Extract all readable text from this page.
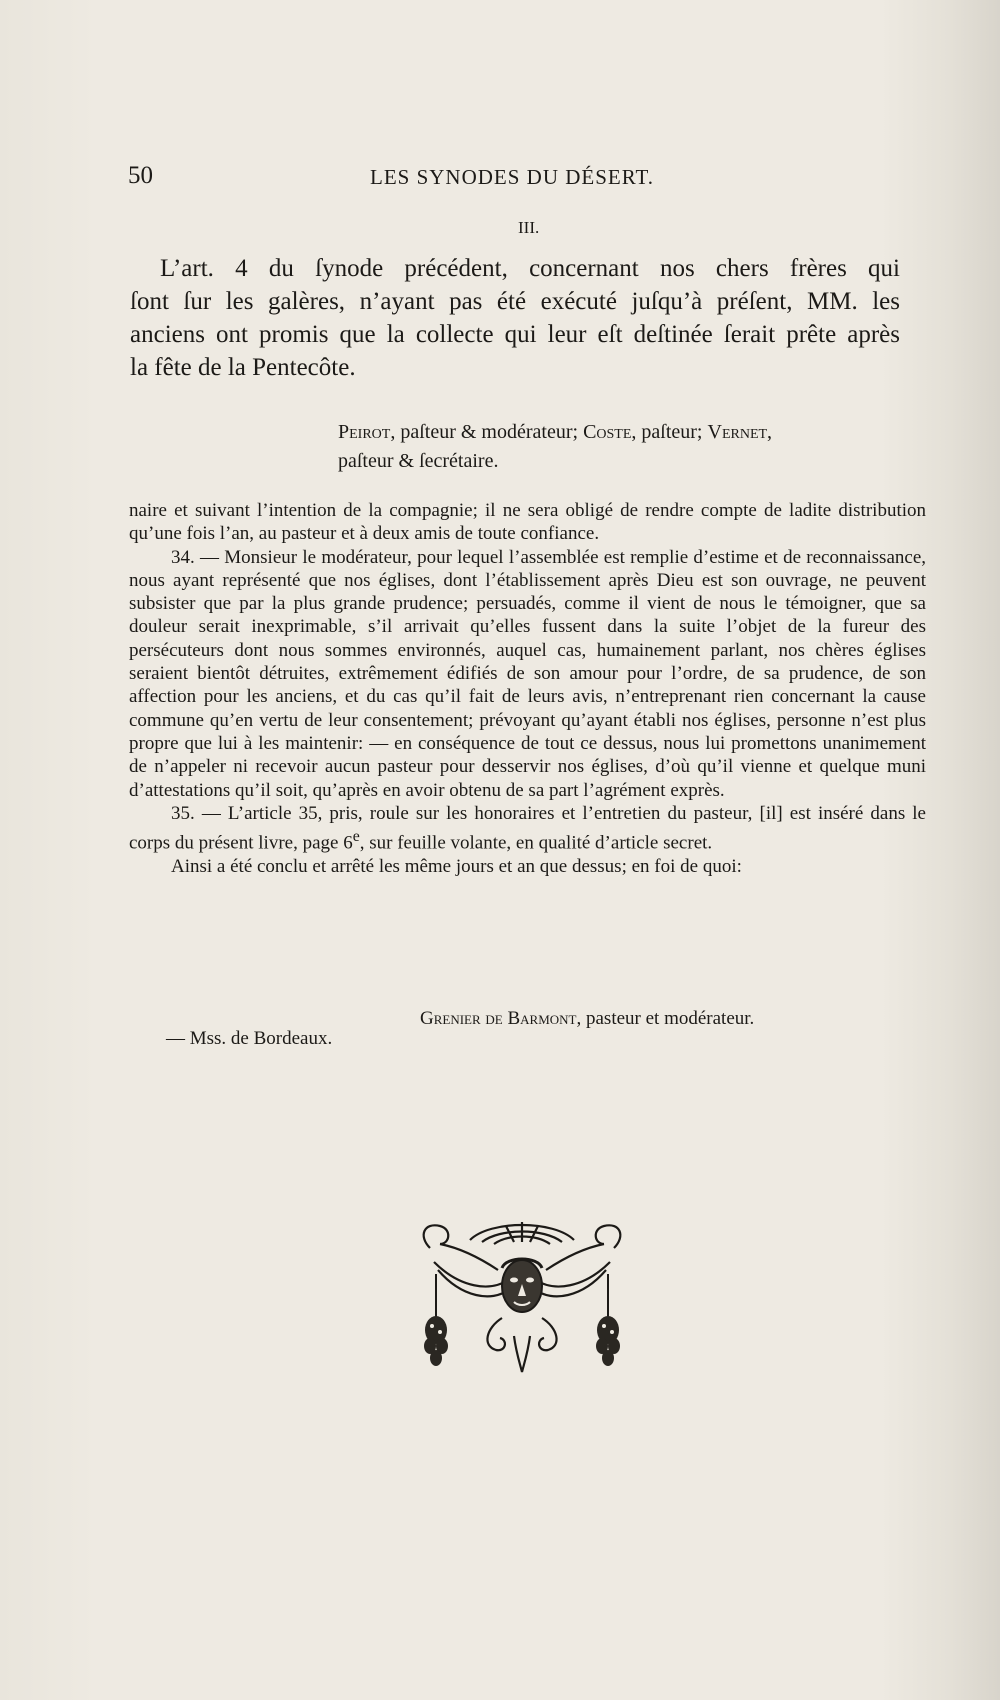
50	LES SYNODES DU DÉSERT.
III.
L’art. 4 du ſynode précédent, concernant nos chers frères qui
ſont ſur les galères, n’ayant pas été exécuté juſqu’à préſent, MM. les
anciens ont promis que la collecte qui leur eſt deſtinée ſerait prête après
la fête de la Pentecôte.
Peirot, paſteur & modérateur; Coste, paſteur; Vernet,
paſteur & ſecrétaire.

naire et suivant l’intention de la compagnie; il ne sera obligé de rendre compte de ladite distribution qu’une fois l’an, au pasteur et à deux amis de toute confiance.

34. — Monsieur le modérateur, pour lequel l’assemblée est remplie d’estime et de reconnaissance, nous ayant représenté que nos églises, dont l’établissement après Dieu est son ouvrage, ne peuvent subsister que par la plus grande prudence; persuadés, comme il vient de nous le témoigner, que sa douleur serait inexprimable, s’il arrivait qu’elles fussent dans la suite l’objet de la fureur des persécuteurs dont nous sommes environnés, auquel cas, humainement parlant, nos chères églises seraient bientôt détruites, extrêmement édifiés de son amour pour l’ordre, de sa prudence, de son affection pour les anciens, et du cas qu’il fait de leurs avis, n’entreprenant rien concernant la cause commune qu’en vertu de leur consentement; prévoyant qu’ayant établi nos églises, personne n’est plus propre que lui à les maintenir: — en conséquence de tout ce dessus, nous lui promettons unanimement de n’appeler ni recevoir aucun pasteur pour desservir nos églises, d’où qu’il vienne et quelque muni d’attestations qu’il soit, qu’après en avoir obtenu de sa part l’agrément exprès.

35. — L’article 35, pris, roule sur les honoraires et l’entretien du pasteur, [il] est inséré dans le corps du présent livre, page 6e, sur feuille volante, en qualité d’article secret.

Ainsi a été conclu et arrêté les même jours et an que dessus; en foi de quoi:

Grenier de Barmont, pasteur et modérateur.
— Mss. de Bordeaux.
